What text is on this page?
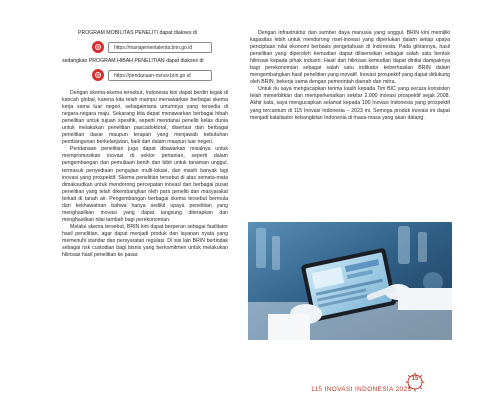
PROGRAM MOBILITAS PENELITI dapat diakses di

https://manajementalenta.brin.go.id

sedangkan PROGRAM HIBAH PENELITIAN dapat diakses di

https://pendanaan-risnov.brin.go.id

Dengan skema-skema tersebut, Indonesia kini dapat berdiri tegak di kancah global, karena kita telah mampu menawarkan berbagai skema kerja sama luar negeri, sebagaimana umumnya yang tersedia di negara-negara maju. Sekarang kita dapat menawarkan berbagai hibah penelitian untuk tujuan spesifik, seperti mendanai peneliti kelas dunia untuk melakukan penelitian pascadoktoral, disertasi dan berbagai penelitian dasar maupun terapan yang menjawab kebutuhan pembangunan berkelanjutan, baik dari dalam maupun luar negeri.

Pendanaan penelitian juga dapat ditawarkan misalnya untuk mempromosikan inovasi di sektor pertanian, seperti dalam pengembangan dan pemuliaan benih dan bibit untuk tanaman unggul, termasuk penyediaan pengujian multi-lokasi, dan masih banyak lagi inovasi yang prospektif. Skema penelitian tersebut di atas semata-mata dimaksudkan untuk mendorong percepatan inovasi dari berbagai pusat penelitian yang telah dikembangkan oleh para peneliti dan masyarakat terkait di tanah air. Pengembangan berbagai skema tersebut bermula dari kekhawatiran bahwa hanya sedikit upaya penelitian yang menghasilkan inovasi yang dapat langsung diterapkan dan menghasilkan nilai tambah bagi perekonomian.

Melalui skema tersebut, BRIN kini dapat berperan sebagai fasilitator hasil penelitian, agar dapat menjadi produk dan layanan nyata yang memenuhi standar dan persyaratan regulasi. Di sisi lain BRIN bertindak sebagai risk custodian bagi bisnis yang berkomitmen untuk melakukan hilirisasi hasil penelitian ke pasar.

Dengan infrastruktur dan sumber daya manusia yang unggul, BRIN kini memiliki kapasitas lebih untuk mendorong riset-inovasi yang diperlukan dalam setiap upaya penciptaan nilai ekonomi berbasis pengetahuan di Indonesia. Pada gilirannya, hasil penelitian yang diperoleh kemudian dapat dilisensikan sebagai salah satu bentuk hilirisasi kepada pihak industri. Hasil dari hilirisasi kemudian dapat dinilai dampaknya bagi perekonomian sebagai salah satu indikator keberhasilan BRIN dalam mengembangkan hasil penelitian yang inovatif. Inovasi prospektif yang dapat didukung oleh BRIN, bekerja sama dengan pemerintah daerah dan mitra.

Untuk itu saya mengucapkan terima kasih kepada Tim BIC yang secara konsisten telah menerbitkan dan memperkenalkan sekitar 2.000 inovasi prospektif sejak 2008. Akhir kata, saya mengucapkan selamat kepada 100 Inovasi Indonesia yang prospektif yang tercantum di 115 Inovasi Indonesia – 2023 ini. Semoga produk inovasi ini dapat menjadi katalisator kebangkitan Indonesia di masa-masa yang akan datang.

115 INOVASI INDONESIA 2023
15
